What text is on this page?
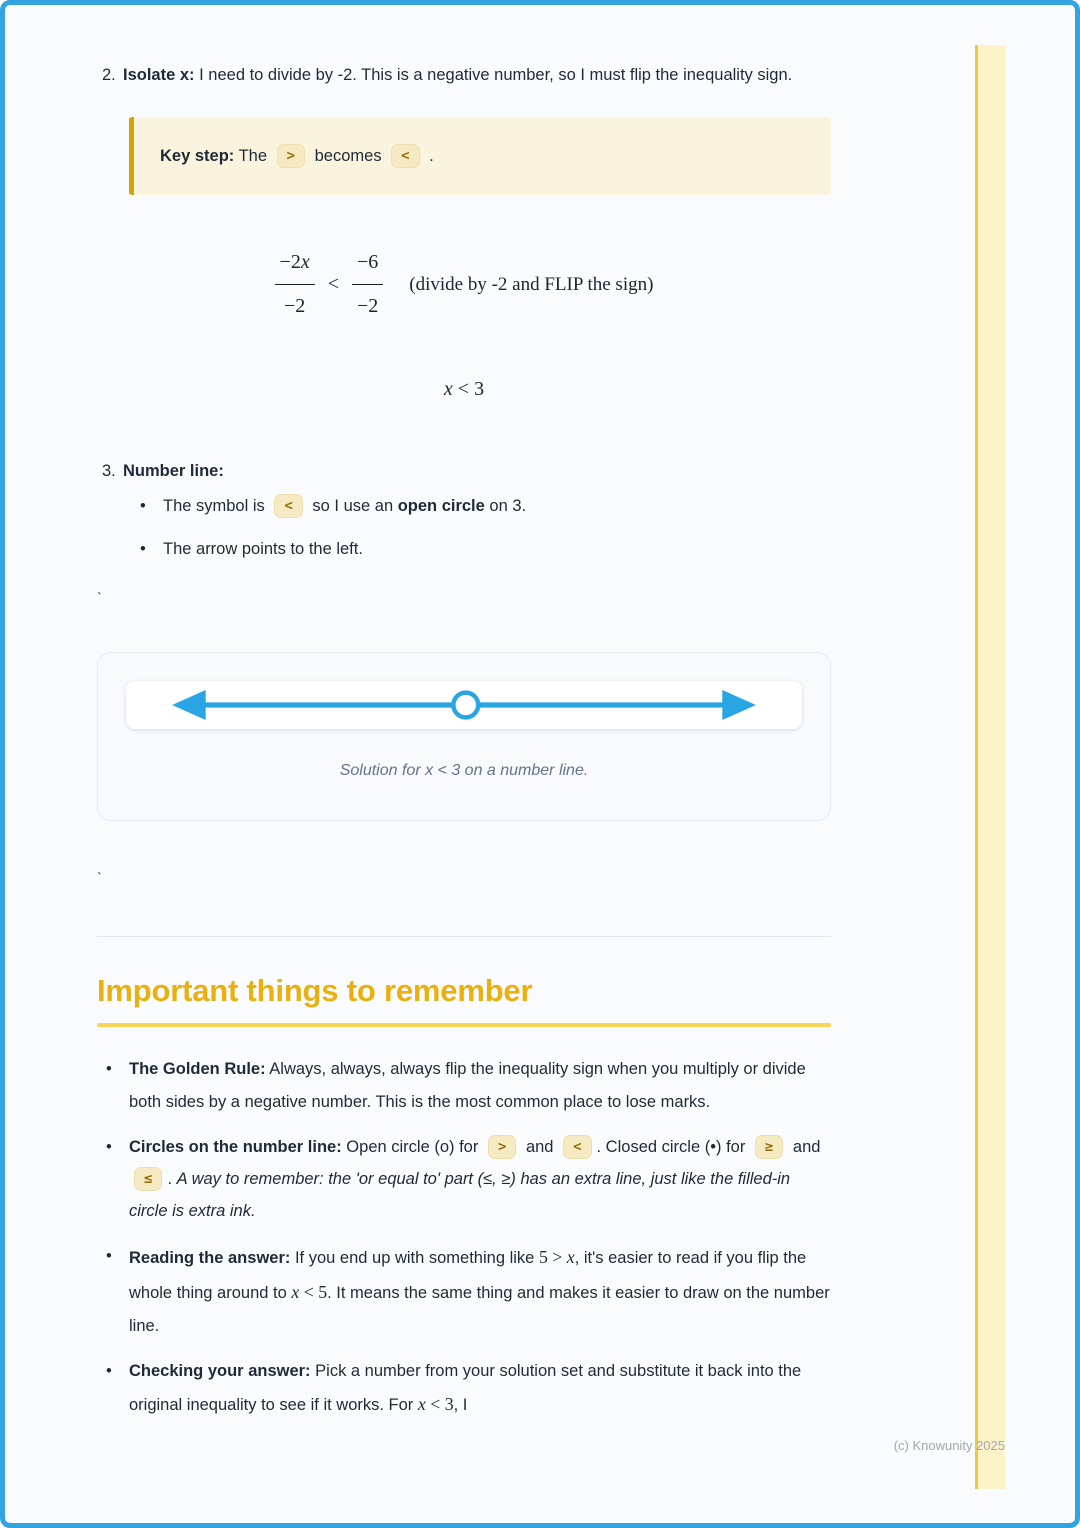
2. Isolate x: I need to divide by -2. This is a negative number, so I must flip the inequality sign.

Key step: The > becomes < .

$\frac{-2x}{-2} < \frac{-6}{-2}$ (divide by -2 and FLIP the sign)
x < 3
3. Number line:

•	The symbol is < so I use an open circle on 3.

•	The arrow points to the left.

`

Solution for x < 3 on a number line.

`
Important things to remember
•	The Golden Rule: Always, always, always flip the inequality sign when you multiply or divide both sides by a negative number. This is the most common place to lose marks.

•	Circles on the number line: Open circle (o) for > and < . Closed circle (•) for ≥ and ≤ . A way to remember: the 'or equal to' part (≤, ≥) has an extra line, just like the filled-in circle is extra ink.

•	Reading the answer: If you end up with something like 5 > x, it's easier to read if you flip the whole thing around to x < 5. It means the same thing and makes it easier to draw on the number line.

•	Checking your answer: Pick a number from your solution set and substitute it back into the original inequality to see if it works. For x < 3, I

(c) Knowunity 2025
